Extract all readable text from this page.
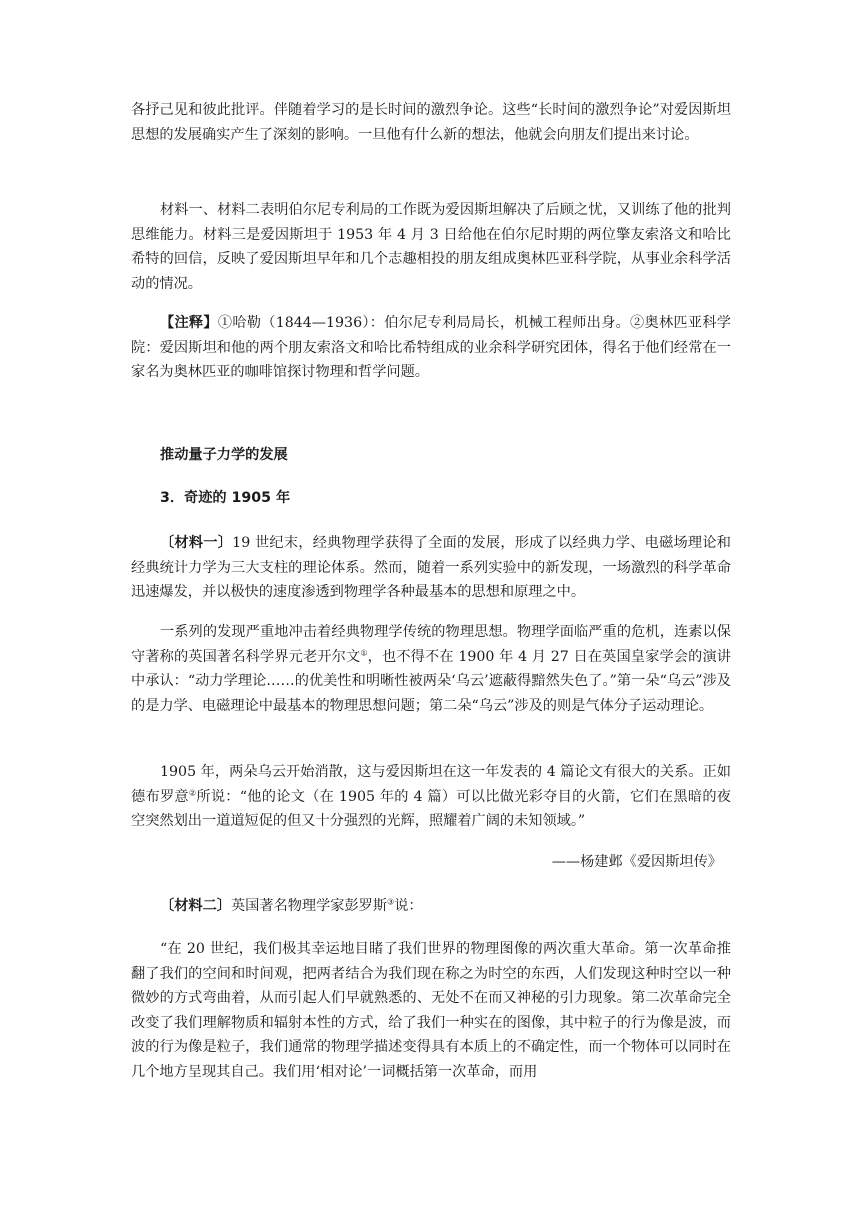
各抒己见和彼此批评。伴随着学习的是长时间的激烈争论。这些“长时间的激烈争论”对爱因斯坦思想的发展确实产生了深刻的影响。一旦他有什么新的想法，他就会向朋友们提出来讨论。

材料一、材料二表明伯尔尼专利局的工作既为爱因斯坦解决了后顾之忧，又训练了他的批判思维能力。材料三是爱因斯坦于 1953 年 4 月 3 日给他在伯尔尼时期的两位擎友索洛文和哈比希特的回信，反映了爱因斯坦早年和几个志趣相投的朋友组成奥林匹亚科学院，从事业余科学活动的情况。

【注释】①哈勒（1844—1936）：伯尔尼专利局局长，机械工程师出身。②奥林匹亚科学院：爱因斯坦和他的两个朋友索洛文和哈比希特组成的业余科学研究团体，得名于他们经常在一家名为奥林匹亚的咖啡馆探讨物理和哲学问题。

推动量子力学的发展

3．奇迹的 1905 年

〔材料一〕19 世纪末，经典物理学获得了全面的发展，形成了以经典力学、电磁场理论和经典统计力学为三大支柱的理论体系。然而，随着一系列实验中的新发现，一场激烈的科学革命迅速爆发，并以极快的速度渗透到物理学各种最基本的思想和原理之中。

一系列的发现严重地冲击着经典物理学传统的物理思想。物理学面临严重的危机，连素以保守著称的英国著名科学界元老开尔文①，也不得不在 1900 年 4 月 27 日在英国皇家学会的演讲中承认：“动力学理论……的优美性和明晰性被两朵‘乌云’遮蔽得黯然失色了。”第一朵“乌云”涉及的是力学、电磁理论中最基本的物理思想问题；第二朵“乌云”涉及的则是气体分子运动理论。

1905 年，两朵乌云开始消散，这与爱因斯坦在这一年发表的 4 篇论文有很大的关系。正如德布罗意②所说：“他的论文（在 1905 年的 4 篇）可以比做光彩夺目的火箭，它们在黑暗的夜空突然划出一道道短促的但又十分强烈的光辉，照耀着广阔的未知领域。”

——杨建邺《爱因斯坦传》

〔材料二〕英国著名物理学家彭罗斯③说：

“在 20 世纪，我们极其幸运地目睹了我们世界的物理图像的两次重大革命。第一次革命推翻了我们的空间和时间观，把两者结合为我们现在称之为时空的东西，人们发现这种时空以一种微妙的方式弯曲着，从而引起人们早就熟悉的、无处不在而又神秘的引力现象。第二次革命完全改变了我们理解物质和辐射本性的方式，给了我们一种实在的图像，其中粒子的行为像是波，而波的行为像是粒子，我们通常的物理学描述变得具有本质上的不确定性，而一个物体可以同时在几个地方呈现其自己。我们用‘相对论’一词概括第一次革命，而用
